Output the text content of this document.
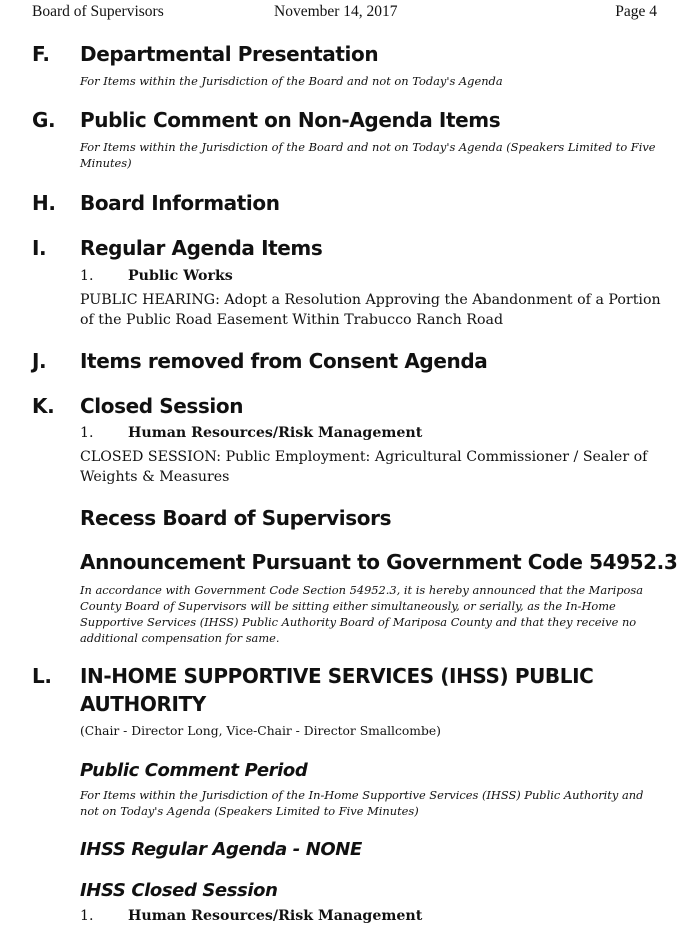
Board of Supervisors	November 14, 2017	Page 4
F. Departmental Presentation
For Items within the Jurisdiction of the Board and not on Today's Agenda
G. Public Comment on Non-Agenda Items
For Items within the Jurisdiction of the Board and not on Today's Agenda (Speakers Limited to Five Minutes)
H. Board Information
I. Regular Agenda Items
1. Public Works
PUBLIC HEARING: Adopt a Resolution Approving the Abandonment of a Portion of the Public Road Easement Within Trabucco Ranch Road
J. Items removed from Consent Agenda
K. Closed Session
1. Human Resources/Risk Management
CLOSED SESSION: Public Employment: Agricultural Commissioner / Sealer of Weights & Measures
Recess Board of Supervisors
Announcement Pursuant to Government Code 54952.3
In accordance with Government Code Section 54952.3, it is hereby announced that the Mariposa County Board of Supervisors will be sitting either simultaneously, or serially, as the In-Home Supportive Services (IHSS) Public Authority Board of Mariposa County and that they receive no additional compensation for same.
L. IN-HOME SUPPORTIVE SERVICES (IHSS) PUBLIC
AUTHORITY
(Chair - Director Long, Vice-Chair - Director Smallcombe)
Public Comment Period
For Items within the Jurisdiction of the In-Home Supportive Services (IHSS) Public Authority and not on Today's Agenda (Speakers Limited to Five Minutes)
IHSS Regular Agenda - NONE
IHSS Closed Session
1. Human Resources/Risk Management
